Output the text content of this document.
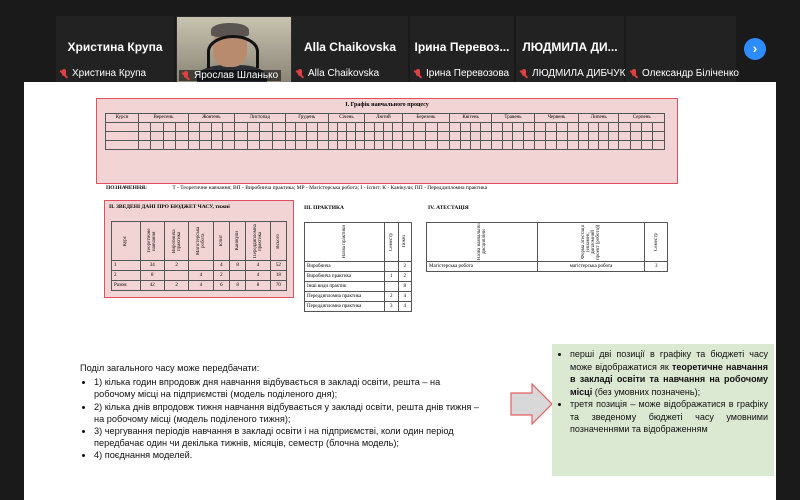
Христина Крупа
Христина Крупа	Ярослав Шланько
Alla Chaikovska
Alla Chaikovska
Ірина Перевоз...
Ірина Перевозова
ЛЮДМИЛА ДИ...
ЛЮДМИЛА ДИБЧУК Олександр Біліченко
›
І. Графік навчального процесу
Курси	Вересень				Жовтень				Листопад				Грудень				Січень				Лютий				Березень				Квітень				Травень				Червень				Липень				Серпень			

ПОЗНАЧЕННЯ:	Т - Теоретичне навчання; ВП - Виробнича практика; МР - Магістерська робота; І - Іспит; К - Канікули; ПП - Переддипломна практика
ІІ. ЗВЕДЕНІ ДАНІ ПРО БЮДЖЕТ ЧАСУ, тижні
Курс	Теоретичне навчання	Виробнича практика	Магістерська робота	Іспит	Канікули	Переддипломна практика	Всього

1	34	2		4	8	4	52
2	8		4	2		4	18
Разом	42	2	4	6	8	8	70
ІІІ. ПРАКТИКА
Назва практики	Семестр	Тижні

Виробнича		2
Виробнича практика	1	2
Інші види практик		8
Переддипломна практика	2	4
Переддипломна практика	3	4
IV. АТЕСТАЦІЯ
Назва навчальної дисципліни	Форма атестації (екзамен, дипломний проект (робота))	Семестр

Магістерська робота	магістерська робота	3
Поділ загального часу може передбачати:
• 1) кілька годин впродовж дня навчання відбувається в закладі освіти, решта – на робочому місці на підприємстві (модель поділеного дня);
• 2) кілька днів впродовж тижня навчання відбувається у закладі освіти, решта днів тижня – на робочому місці (модель поділеного тижня);
• 3) чергування періодів навчання в закладі освіти і на підприємстві, коли один період передбачає один чи декілька тижнів, місяців, семестр (блочна модель);
• 4) поєднання моделей.
• перші дві позиції в графіку та бюджеті часу може відображатися як теоретичне навчання в закладі освіти та навчання на робочому місці (без умовних позначень);
• третя позиція – може відображатися в графіку та зведеному бюджеті часу умовними позначеннями та відображенням
